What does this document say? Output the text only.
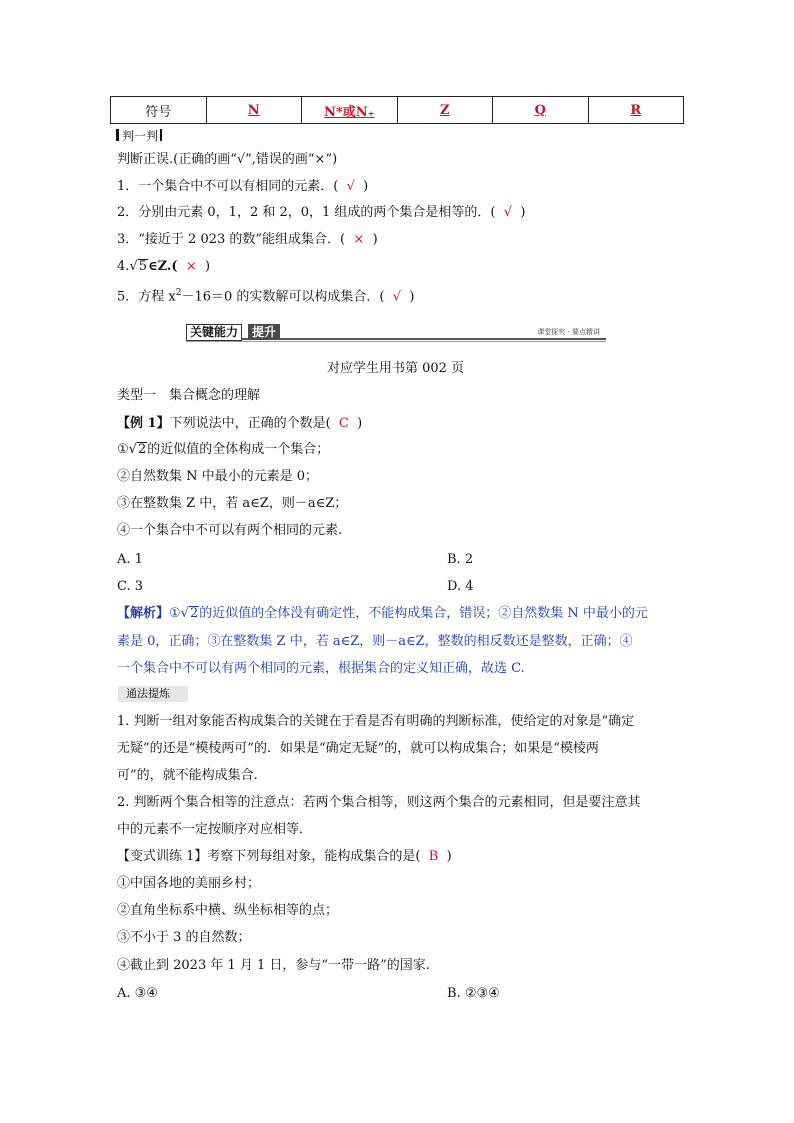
符号	N	N*或N₊	Z	Q	R
判一判
判断正误.(正确的画“√”,错误的画“×”)
1．一个集合中不可以有相同的元素．( √ )
2．分别由元素 0，1，2 和 2，0，1 组成的两个集合是相等的．( √ )
3．“接近于 2 023 的数”能组成集合．( × )
4.√5∈Z.( × )
5．方程 $x^2-16=0$ 的实数解可以构成集合．( √ )
关键能力	提升	课堂探究 · 要点精讲
对应学生用书第 002 页
类型一　集合概念的理解
【例 1】下列说法中，正确的个数是( C )
①√2的近似值的全体构成一个集合；
②自然数集 N 中最小的元素是 0；
③在整数集 Z 中，若 a∈Z，则－a∈Z；
④一个集合中不可以有两个相同的元素.
A. 1	B. 2
C. 3	D. 4
【解析】①√2的近似值的全体没有确定性，不能构成集合，错误；②自然数集 N 中最小的元
素是 0，正确；③在整数集 Z 中，若 a∈Z，则－a∈Z，整数的相反数还是整数，正确；④
一个集合中不可以有两个相同的元素，根据集合的定义知正确，故选 C.
通法提炼
1. 判断一组对象能否构成集合的关键在于看是否有明确的判断标准，使给定的对象是“确定
无疑”的还是“模棱两可”的．如果是“确定无疑”的，就可以构成集合；如果是“模棱两
可”的，就不能构成集合.
2. 判断两个集合相等的注意点：若两个集合相等，则这两个集合的元素相同，但是要注意其
中的元素不一定按顺序对应相等．
【变式训练 1】考察下列每组对象，能构成集合的是( B )
①中国各地的美丽乡村；
②直角坐标系中横、纵坐标相等的点；
③不小于 3 的自然数；
④截止到 2023 年 1 月 1 日，参与“一带一路”的国家.
A. ③④	B. ②③④
